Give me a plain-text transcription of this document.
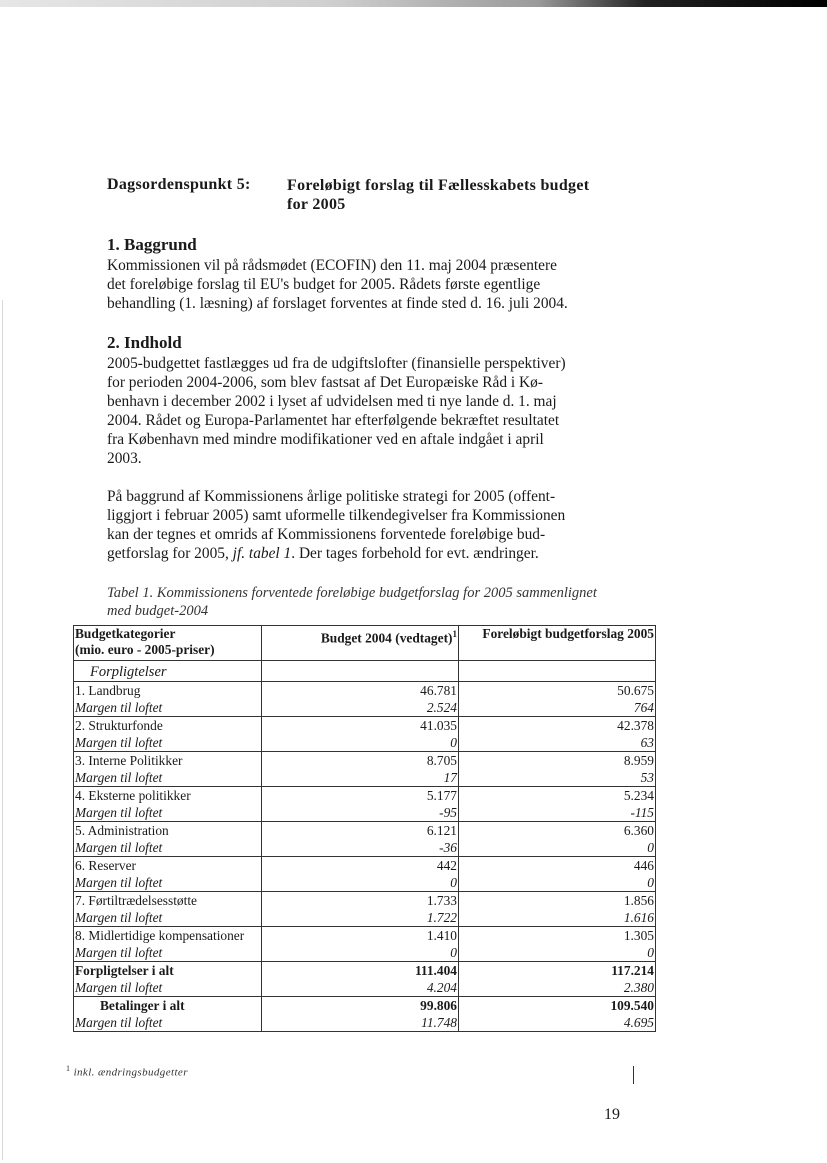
Dagsordenspunkt 5: Foreløbigt forslag til Fællesskabets budget
for 2005
1. Baggrund

Kommissionen vil på rådsmødet (ECOFIN) den 11. maj 2004 præsentere
det foreløbige forslag til EU's budget for 2005. Rådets første egentlige
behandling (1. læsning) af forslaget forventes at finde sted d. 16. juli 2004.

2. Indhold

2005-budgettet fastlægges ud fra de udgiftslofter (finansielle perspektiver)
for perioden 2004-2006, som blev fastsat af Det Europæiske Råd i Kø-
benhavn i december 2002 i lyset af udvidelsen med ti nye lande d. 1. maj
2004. Rådet og Europa-Parlamentet har efterfølgende bekræftet resultatet
fra København med mindre modifikationer ved en aftale indgået i april
2003.

På baggrund af Kommissionens årlige politiske strategi for 2005 (offent-
liggjort i februar 2005) samt uformelle tilkendegivelser fra Kommissionen
kan der tegnes et omrids af Kommissionens forventede foreløbige bud-
getforslag for 2005, jf. tabel 1. Der tages forbehold for evt. ændringer.

Tabel 1. Kommissionens forventede foreløbige budgetforslag for 2005 sammenlignet
med budget-2004
Budgetkategorier
(mio. euro - 2005-priser)	Budget 2004 (vedtaget)$^1$	Foreløbigt budgetforslag 2005
Forpligtelser		
1. Landbrug	46.781	50.675
Margen til loftet	2.524	764
2. Strukturfonde	41.035	42.378
Margen til loftet	0	63
3. Interne Politikker	8.705	8.959
Margen til loftet	17	53
4. Eksterne politikker	5.177	5.234
Margen til loftet	-95	-115
5. Administration	6.121	6.360
Margen til loftet	-36	0
6. Reserver	442	446
Margen til loftet	0	0
7. Førtiltrædelsesstøtte	1.733	1.856
Margen til loftet	1.722	1.616
8. Midlertidige kompensationer	1.410	1.305
Margen til loftet	0	0
Forpligtelser i alt	111.404	117.214
Margen til loftet	4.204	2.380
Betalinger i alt	99.806	109.540
Margen til loftet	11.748	4.695
$^1$ inkl. ændringsbudgetter
19
